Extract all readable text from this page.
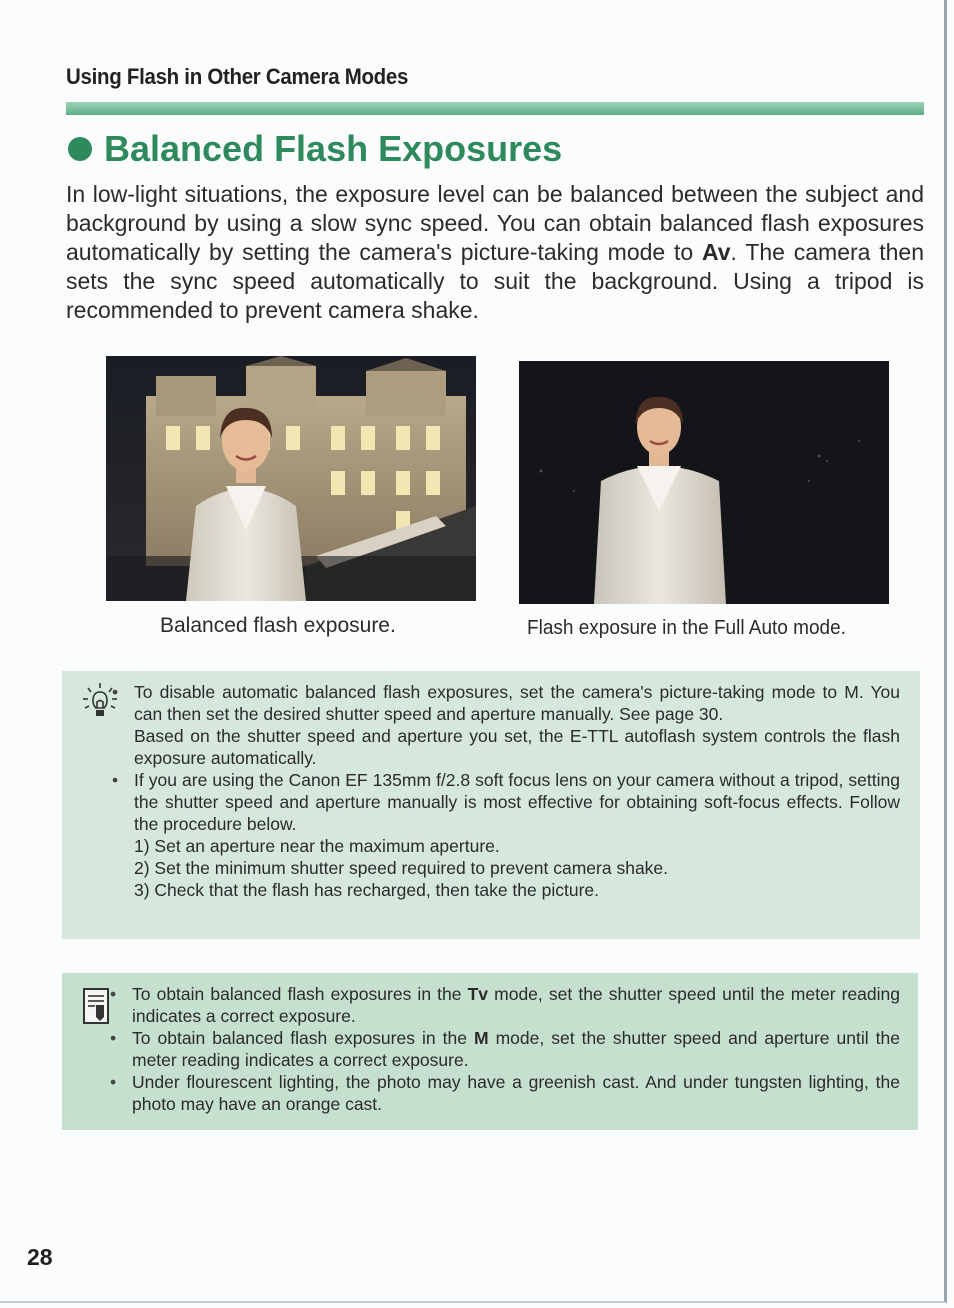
Using Flash in Other Camera Modes
Balanced Flash Exposures

In low-light situations, the exposure level can be balanced between the subject and background by using a slow sync speed. You can obtain balanced flash exposures automatically by setting the camera's picture-taking mode to Av. The camera then sets the sync speed automatically to suit the background. Using a tripod is recommended to prevent camera shake.

Balanced flash exposure.	Flash exposure in the Full Auto mode.
• To disable automatic balanced flash exposures, set the camera's picture-taking mode to M. You can then set the desired shutter speed and aperture manually. See page 30.
Based on the shutter speed and aperture you set, the E-TTL autoflash system controls the flash exposure automatically.
• If you are using the Canon EF 135mm f/2.8 soft focus lens on your camera without a tripod, setting the shutter speed and aperture manually is most effective for obtaining soft-focus effects. Follow the procedure below.
1) Set an aperture near the maximum aperture.
2) Set the minimum shutter speed required to prevent camera shake.
3) Check that the flash has recharged, then take the picture.
• To obtain balanced flash exposures in the Tv mode, set the shutter speed until the meter reading indicates a correct exposure.
• To obtain balanced flash exposures in the M mode, set the shutter speed and aperture until the meter reading indicates a correct exposure.
• Under flourescent lighting, the photo may have a greenish cast. And under tungsten lighting, the photo may have an orange cast.
28
